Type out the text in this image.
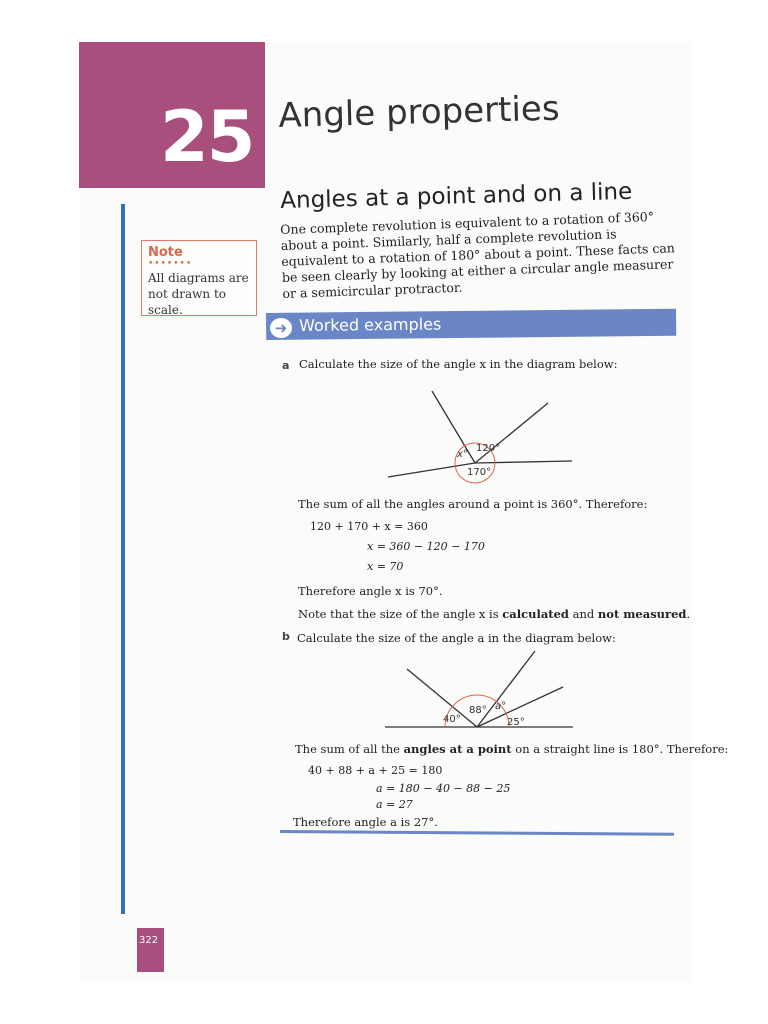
25 Angle properties
322
Note
•••••••
All diagrams are
not drawn to scale.
Angles at a point and on a line
One complete revolution is equivalent to a rotation of 360° about a point. Similarly, half a complete revolution is equivalent to a rotation of 180° about a point. These facts can be seen clearly by looking at either a circular angle measurer or a semicircular protractor.
➜ Worked examples
a Calculate the size of the angle x in the diagram below:
x°
120°
170°
The sum of all the angles around a point is 360°. Therefore:
120 + 170 + x = 360
x = 360 − 120 − 170
x = 70
Therefore angle x is 70°.
Note that the size of the angle x is calculated and not measured.
b Calculate the size of the angle a in the diagram below:
40°
88° a°
25°
The sum of all the angles at a point on a straight line is 180°. Therefore:
40 + 88 + a + 25 = 180
a = 180 − 40 − 88 − 25
a = 27
Therefore angle a is 27°.
